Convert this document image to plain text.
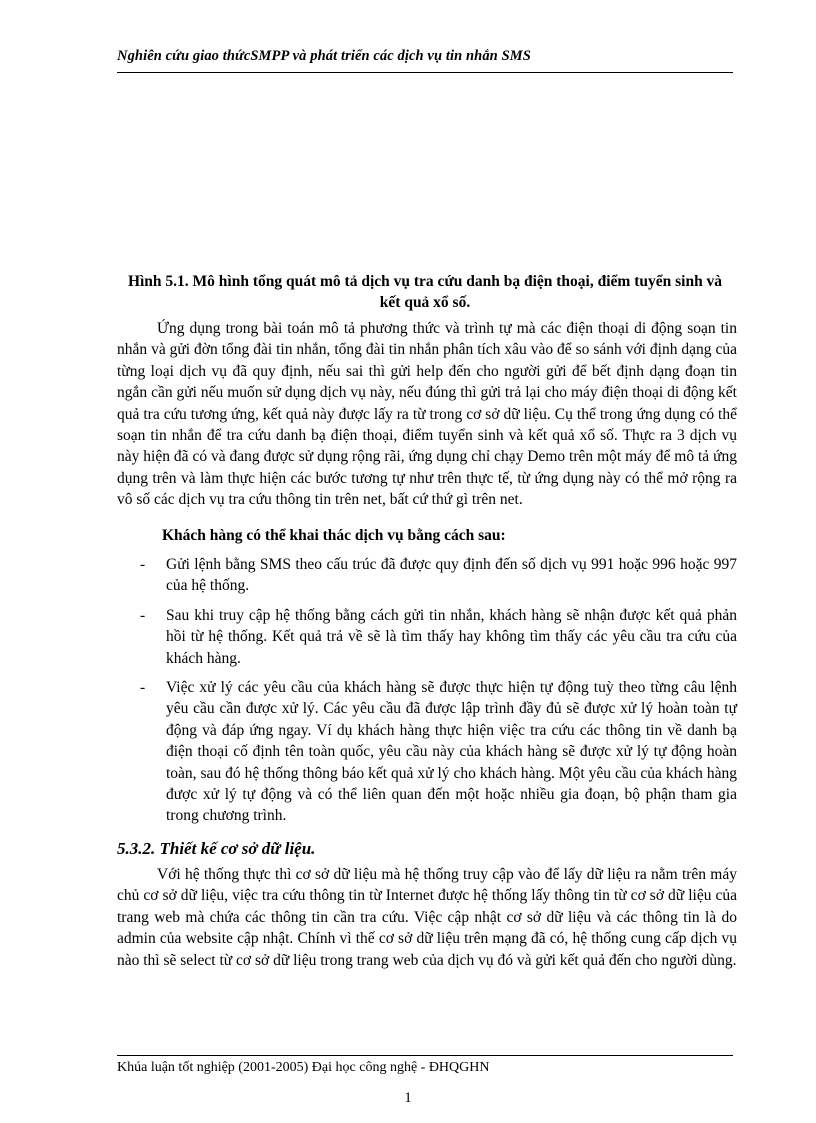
Nghiên cứu giao thứcSMPP và phát triển các dịch vụ tin nhắn SMS
Hình 5.1. Mô hình tổng quát mô tả dịch vụ tra cứu danh bạ điện thoại, điểm tuyển sinh và kết quả xổ số.
Ứng dụng trong bài toán mô tả phương thức và trình tự mà các điện thoại di động soạn tin nhắn và gửi đờn tổng đài tin nhắn, tổng đài tin nhắn phân tích xâu vào để so sánh với định dạng của từng loại dịch vụ đã quy định, nếu sai thì gửi help đến cho người gửi để bết định dạng đoạn tin ngắn cần gửi nếu muốn sử dụng dịch vụ này, nếu đúng thì gửi trả lại cho máy điện thoại di động kết quả tra cứu tương ứng, kết quả này được lấy ra từ trong cơ sở dữ liệu. Cụ thể trong ứng dụng có thể soạn tin nhắn để tra cứu danh bạ điện thoại, điểm tuyển sinh và kết quả xổ số. Thực ra 3 dịch vụ này hiện đã có và đang được sử dụng rộng rãi, ứng dụng chỉ chạy Demo trên một máy để mô tả ứng dụng trên và làm thực hiện các bước tương tự như trên thực tế, từ ứng dụng này có thể mở rộng ra vô số các dịch vụ tra cứu thông tin trên net, bất cứ thứ gì trên net.
Khách hàng có thể khai thác dịch vụ bằng cách sau:
- Gửi lệnh bằng SMS theo cấu trúc đã được quy định đến số dịch vụ 991 hoặc 996 hoặc 997 của hệ thống.
- Sau khi truy cập hệ thống bằng cách gửi tin nhắn, khách hàng sẽ nhận được kết quả phản hồi từ hệ thống. Kết quả trả về sẽ là tìm thấy hay không tìm thấy các yêu cầu tra cứu của khách hàng.
- Việc xử lý các yêu cầu của khách hàng sẽ được thực hiện tự động tuỳ theo từng câu lệnh yêu cầu cần được xử lý. Các yêu cầu đã được lập trình đầy đủ sẽ được xử lý hoàn toàn tự động và đáp ứng ngay. Ví dụ khách hàng thực hiện việc tra cứu các thông tin về danh bạ điện thoại cố định tên toàn quốc, yêu cầu này của khách hàng sẽ được xử lý tự động hoàn toàn, sau đó hệ thống thông báo kết quả xử lý cho khách hàng. Một yêu cầu của khách hàng được xử lý tự động và có thể liên quan đến một hoặc nhiều gia đoạn, bộ phận tham gia trong chương trình.
5.3.2. Thiết kế cơ sở dữ liệu.
Với hệ thống thực thì cơ sở dữ liệu mà hệ thống truy cập vào để lấy dữ liệu ra nằm trên máy chủ cơ sở dữ liệu, việc tra cứu thông tin từ Internet được hệ thống lấy thông tin từ cơ sở dữ liệu của trang web mà chứa các thông tin cần tra cứu. Việc cập nhật cơ sở dữ liệu và các thông tin là do admin của website cập nhật. Chính vì thế cơ sở dữ liệu trên mạng đã có, hệ thống cung cấp dịch vụ nào thì sẽ select từ cơ sở dữ liệu trong trang web của dịch vụ đó và gửi kết quả đến cho người dùng.
Khúa luận tốt nghiệp (2001-2005) Đại học công nghệ - ĐHQGHN
1
